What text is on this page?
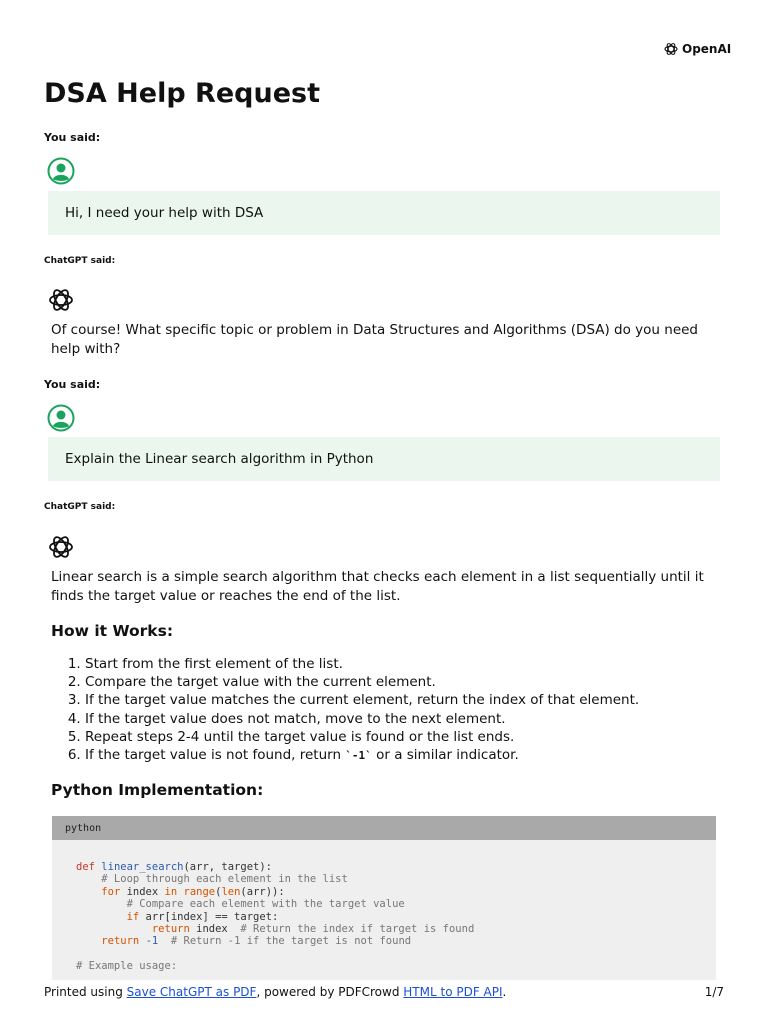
OpenAI
DSA Help Request
You said:
Hi, I need your help with DSA
ChatGPT said:

Of course! What specific topic or problem in Data Structures and Algorithms (DSA) do you need help with?

You said:
Explain the Linear search algorithm in Python
ChatGPT said:

Linear search is a simple search algorithm that checks each element in a list sequentially until it finds the target value or reaches the end of the list.

How it Works:
1. Start from the first element of the list.
2. Compare the target value with the current element.
3. If the target value matches the current element, return the index of that element.
4. If the target value does not match, move to the next element.
5. Repeat steps 2-4 until the target value is found or the list ends.
6. If the target value is not found, return `-1` or a similar indicator.
Python Implementation:
python
def linear_search(arr, target):
# Loop through each element in the list
for index in range(len(arr)):
# Compare each element with the target value
if arr[index] == target:
return index  # Return the index if target is found
return -1 # Return -1 if the target is not found

# Example usage:
Printed using Save ChatGPT as PDF, powered by PDFCrowd HTML to PDF API.	1/7
